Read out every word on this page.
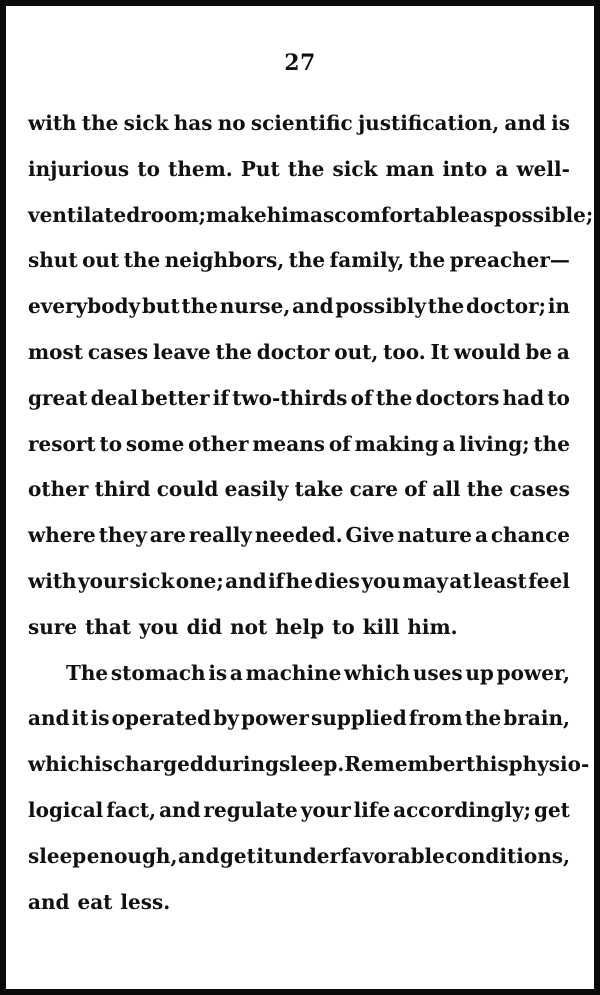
27
with the sick has no scientific justification, and is
injurious to them. Put the sick man into a well-
ventilated room; make him as comfortable as possible;
shut out the neighbors, the family, the preacher—
everybody but the nurse, and possibly the doctor; in
most cases leave the doctor out, too. It would be a
great deal better if two-thirds of the doctors had to
resort to some other means of making a living; the
other third could easily take care of all the cases
where they are really needed. Give nature a chance
with your sick one; and if he dies you may at least feel
sure that you did not help to kill him.
The stomach is a machine which uses up power,
and it is operated by power supplied from the brain,
which is charged during sleep. Remember this physio-
logical fact, and regulate your life accordingly; get
sleep enough, and get it under favorable conditions,
and eat less.
